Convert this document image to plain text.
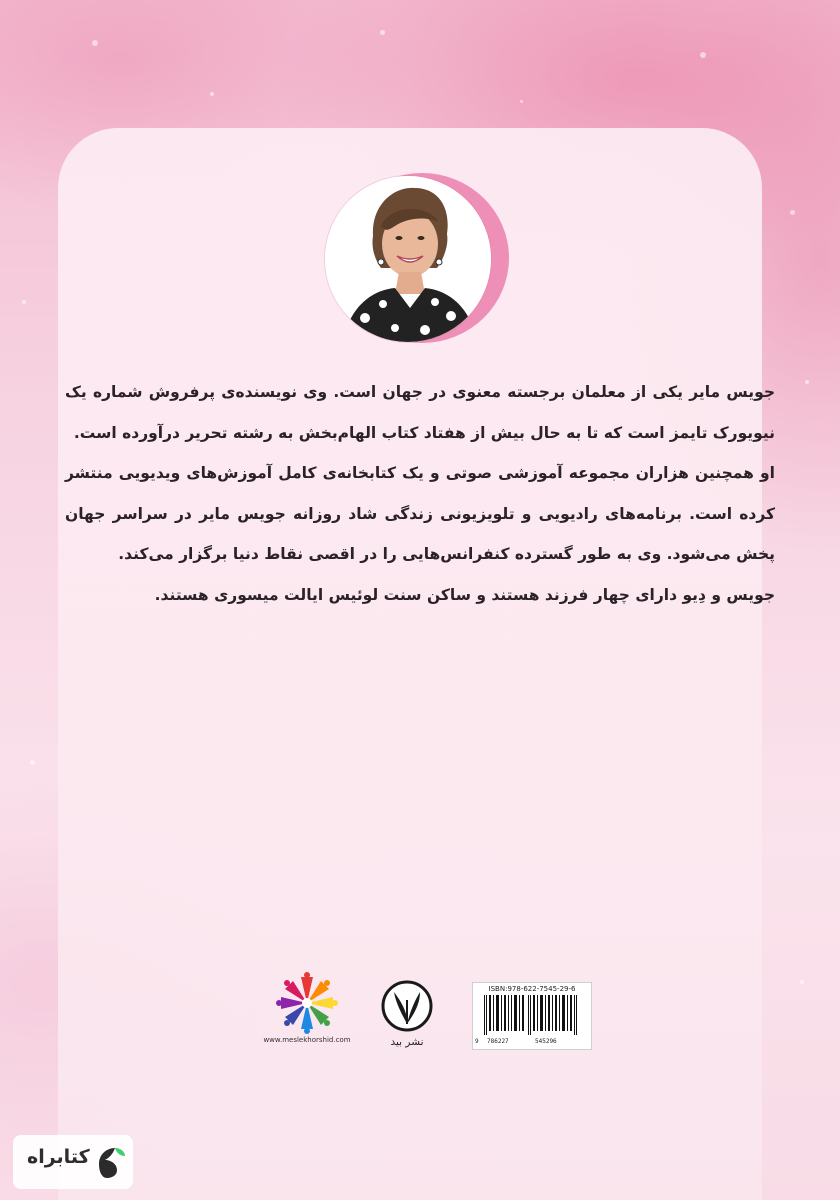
جویس مایر یکی از معلمان برجسته معنوی در جهان است. وی نویسنده‌ی پرفروش شماره یک نیویورک تایمز است که تا به حال بیش از هفتاد کتاب الهام‌بخش به رشته تحریر درآورده است.

او همچنین هزاران مجموعه آموزشی صوتی و یک کتابخانه‌ی کامل آموزش‌های ویدیویی منتشر کرده است. برنامه‌های رادیویی و تلویزیونی زندگی شاد روزانه جویس مایر در سراسر جهان پخش می‌شود. وی به طور گسترده کنفرانس‌هایی را در اقصی نقاط دنیا برگزار می‌کند.

جویس و دِیو دارای چهار فرزند هستند و ساکن سنت لوئیس ایالت میسوری هستند.

ISBN:978-622-7545-29-6
9 786227	545296
نشر بید
www.meslekhorshid.com
کتابراه
